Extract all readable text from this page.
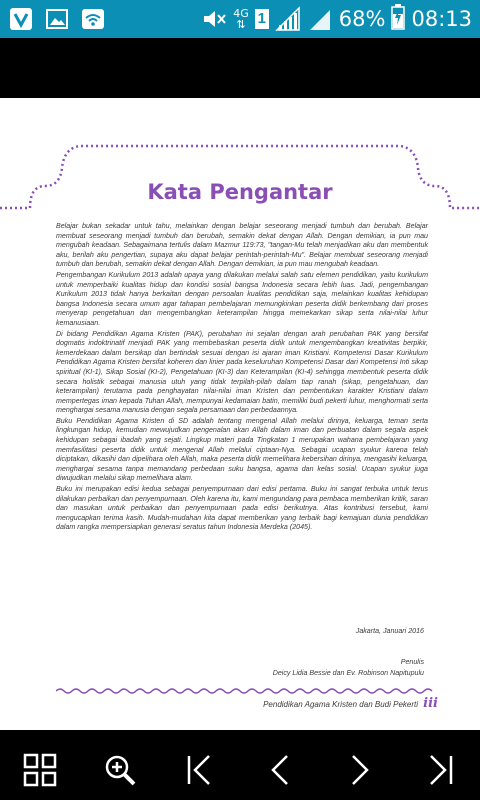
4G
⇅ 1	68% 08:13
Kata Pengantar

Belajar bukan sekadar untuk tahu, melainkan dengan belajar seseorang menjadi tumbuh dan berubah. Belajar membuat seseorang menjadi tumbuh dan berubah, semakin dekat dengan Allah. Dengan demikian, ia pun mau mengubah keadaan. Sebagaimana tertulis dalam Mazmur 119:73, "tangan-Mu telah menjadikan aku dan membentuk aku, berilah aku pengertian, supaya aku dapat belajar perintah-perintah-Mu". Belajar membuat seseorang menjadi tumbuh dan berubah, semakin dekat dengan Allah. Dengan demikian, ia pun mau mengubah keadaan.

Pengembangan Kurikulum 2013 adalah upaya yang dilakukan melalui salah satu elemen pendidikan, yaitu kurikulum untuk memperbaiki kualitas hidup dan kondisi sosial bangsa Indonesia secara lebih luas. Jadi, pengembangan Kurikulum 2013 tidak hanya berkaitan dengan persoalan kualitas pendidikan saja, melainkan kualitas kehidupan bangsa Indonesia secara umum agar tahapan pembelajaran memungkinkan peserta didik berkembang dari proses menyerap pengetahuan dan mengembangkan keterampilan hingga memekarkan sikap serta nilai-nilai luhur kemanusiaan.

Di bidang Pendidikan Agama Kristen (PAK), perubahan ini sejalan dengan arah perubahan PAK yang bersifat dogmatis indoktrinatif menjadi PAK yang membebaskan peserta didik untuk mengembangkan kreativitas berpikir, kemerdekaan dalam bersikap dan bertindak sesuai dengan isi ajaran iman Kristiani. Kompetensi Dasar Kurikulum Pendidikan Agama Kristen bersifat koheren dan linier pada keseluruhan Kompetensi Dasar dari Kompetensi Inti sikap spiritual (KI-1), Sikap Sosial (KI-2), Pengetahuan (KI-3) dan Keterampilan (KI-4) sehingga membentuk peserta didik secara holistik sebagai manusia utuh yang tidak terpilah-pilah dalam tiap ranah (sikap, pengetahuan, dan keterampilan) terutama pada penghayatan nilai-nilai iman Kristen dan pembentukan karakter Kristiani dalam mempertegas iman kepada Tuhan Allah, mempunyai kedamaian batin, memiliki budi pekerti luhur, menghormati serta menghargai sesama manusia dengan segala persamaan dan perbedaannya.

Buku Pendidikan Agama Kristen di SD adalah tentang mengenal Allah melalui dirinya, keluarga, teman serta lingkungan hidup, kemudian mewujudkan pengenalan akan Allah dalam iman dan perbuatan dalam segala aspek kehidupan sebagai ibadah yang sejati. Lingkup materi pada Tingkatan 1 merupakan wahana pembelajaran yang memfasilitasi peserta didik untuk mengenal Allah melalui ciptaan-Nya. Sebagai ucapan syukur karena telah diciptakan, dikasihi dan dipelihara oleh Allah, maka peserta didik memelihara kebersihan dirinya, mengasihi keluarga, menghargai sesama tanpa memandang perbedaan suku bangsa, agama dan kelas sosial. Ucapan syukur juga diwujudkan melalui sikap memelihara alam.

Buku ini merupakan edisi kedua sebagai penyempurnaan dari edisi pertama. Buku ini sangat terbuka untuk terus dilakukan perbaikan dan penyempurnaan. Oleh karena itu, kami mengundang para pembaca memberikan kritik, saran dan masukan untuk perbaikan dan penyempurnaan pada edisi berikutnya. Atas kontribusi tersebut, kami mengucapkan terima kasih. Mudah-mudahan kita dapat memberikan yang terbaik bagi kemajuan dunia pendidikan dalam rangka mempersiapkan generasi seratus tahun Indonesia Merdeka (2045).

Jakarta, Januari 2016
Penulis
Deicy Lidia Bessie dan Ev. Robinson Napitupulu
Pendidikan Agama Kristen dan Budi Pekerti iii
